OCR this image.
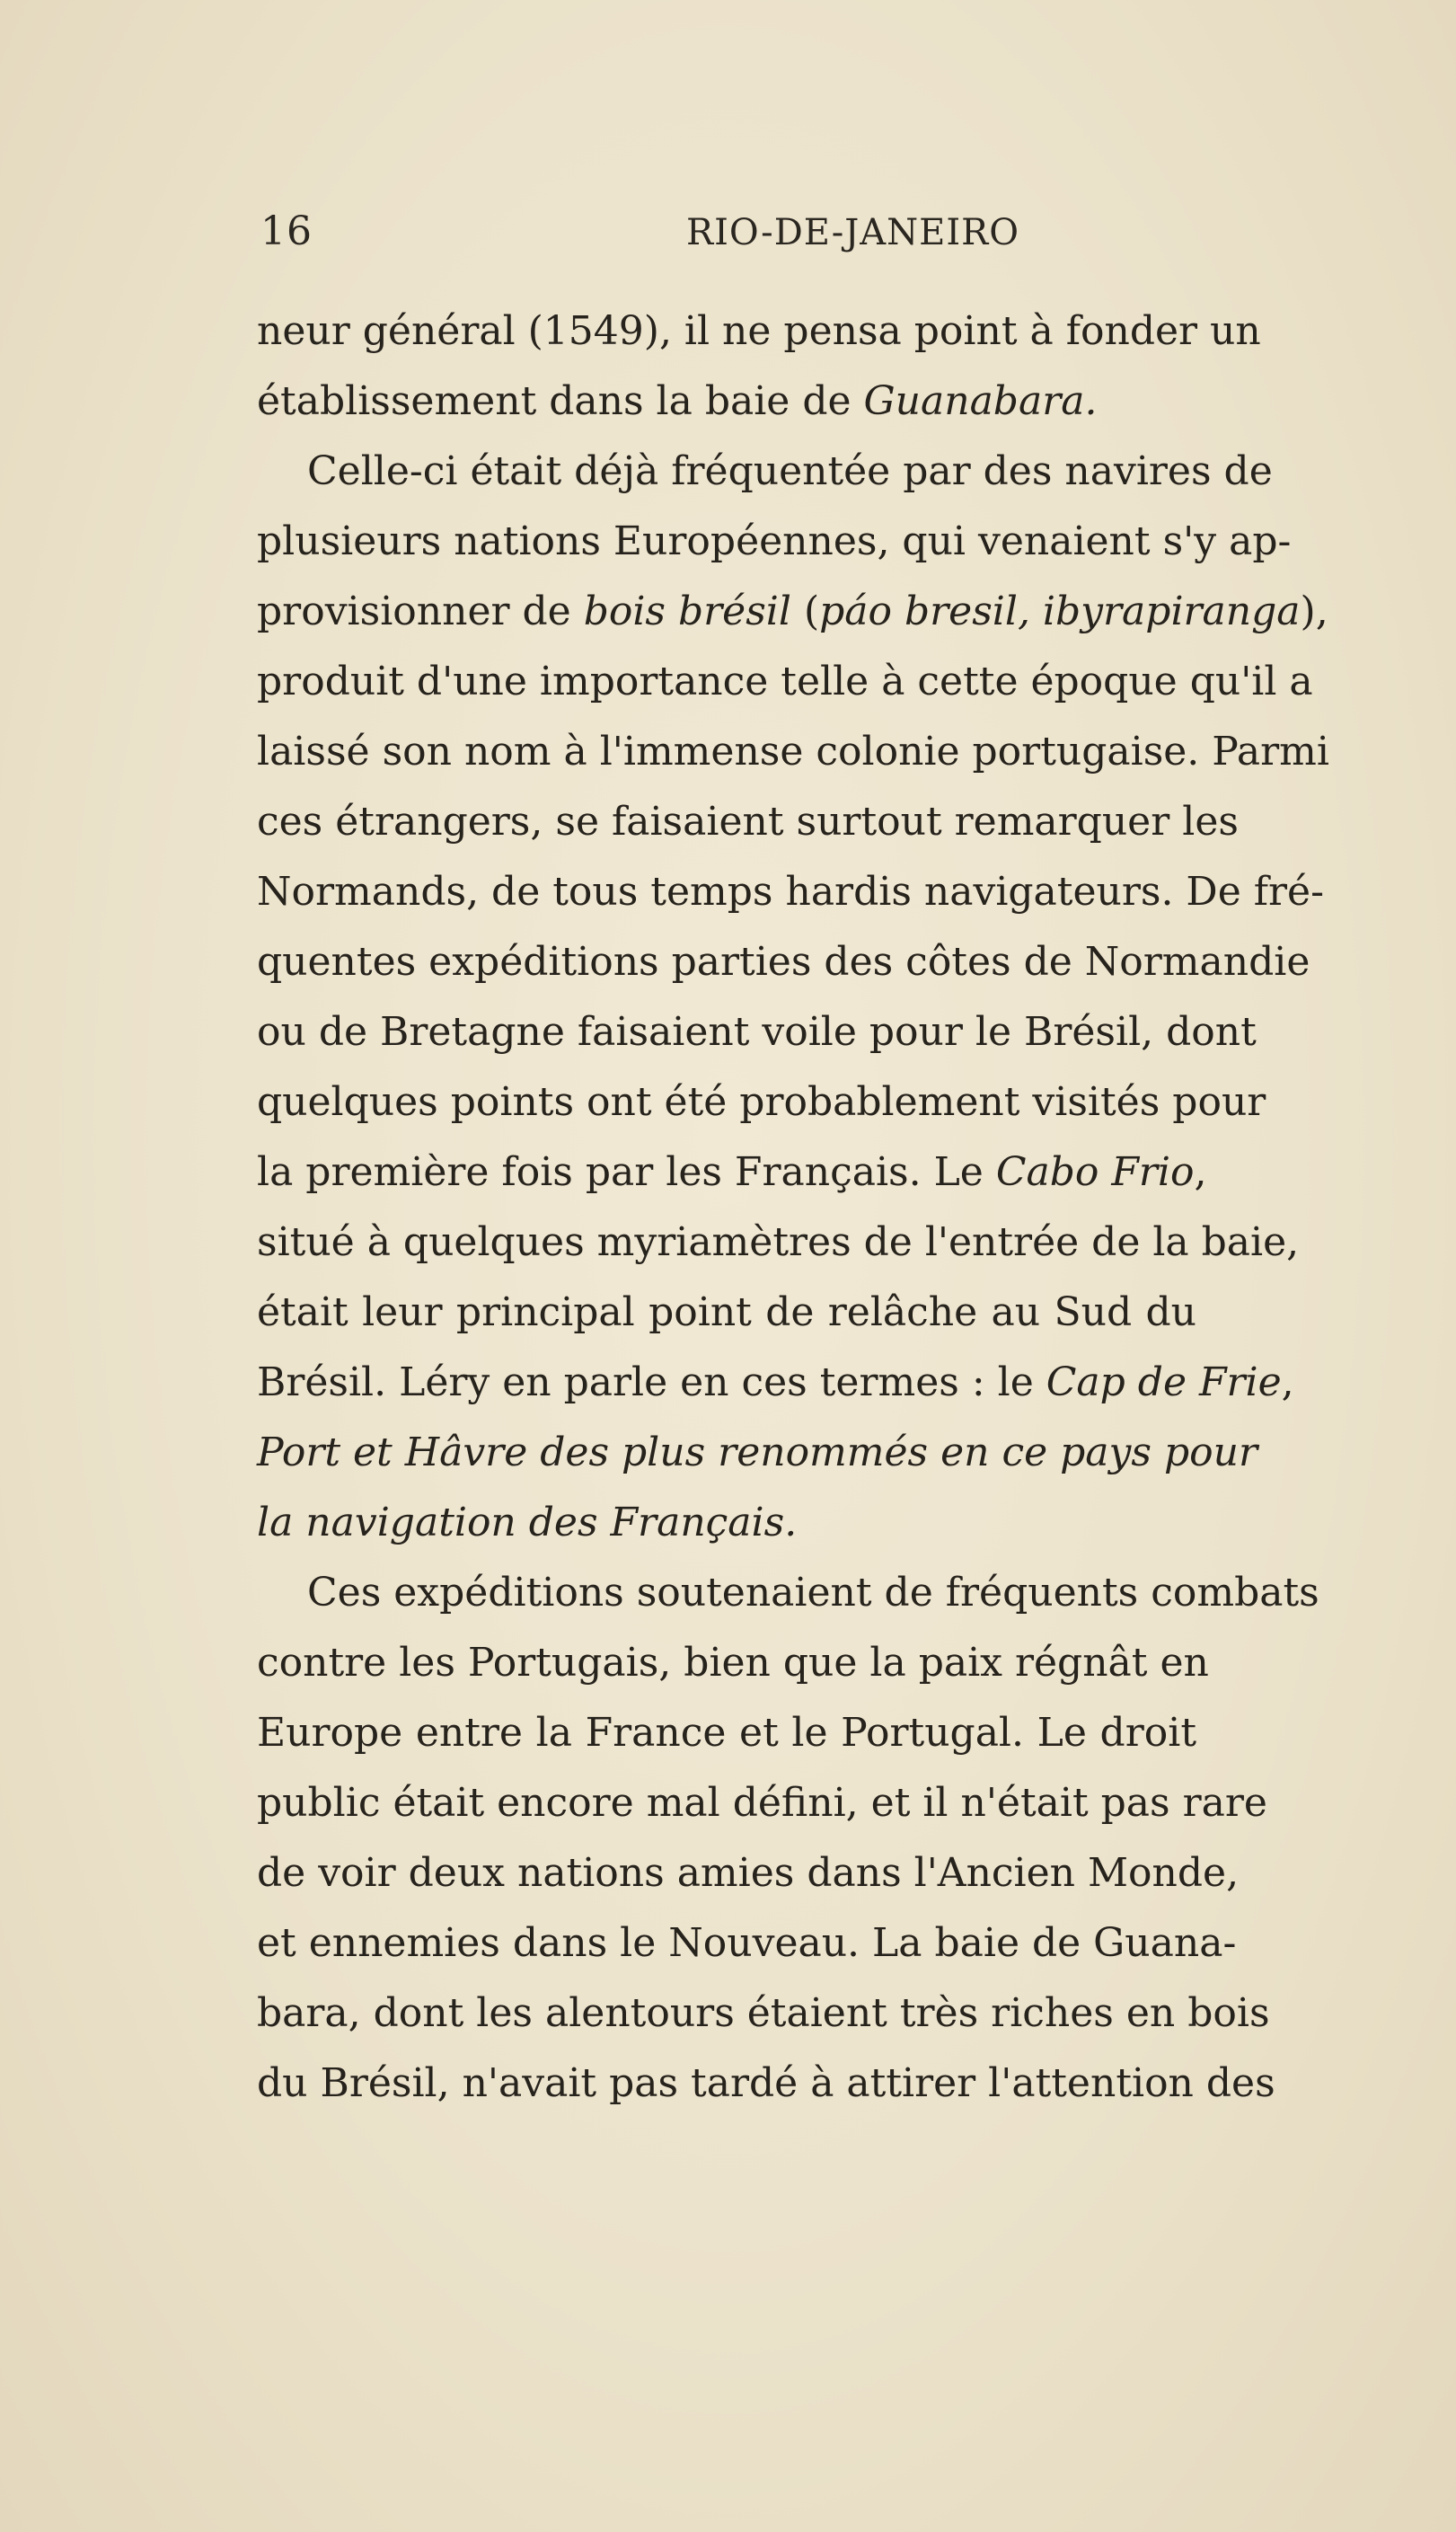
16	RIO-DE-JANEIRO
neur général (1549), il ne pensa point à fonder un
établissement dans la baie de Guanabara.
Celle-ci était déjà fréquentée par des navires de
plusieurs nations Européennes, qui venaient s'y ap-
provisionner de bois brésil (páo bresil, ibyrapiranga),
produit d'une importance telle à cette époque qu'il a
laissé son nom à l'immense colonie portugaise. Parmi
ces étrangers, se faisaient surtout remarquer les
Normands, de tous temps hardis navigateurs. De fré-
quentes expéditions parties des côtes de Normandie
ou de Bretagne faisaient voile pour le Brésil, dont
quelques points ont été probablement visités pour
la première fois par les Français. Le Cabo Frio,
situé à quelques myriamètres de l'entrée de la baie,
était leur principal point de relâche au Sud du
Brésil. Léry en parle en ces termes : le Cap de Frie,
Port et Hâvre des plus renommés en ce pays pour
la navigation des Français.
Ces expéditions soutenaient de fréquents combats
contre les Portugais, bien que la paix régnât en
Europe entre la France et le Portugal. Le droit
public était encore mal défini, et il n'était pas rare
de voir deux nations amies dans l'Ancien Monde,
et ennemies dans le Nouveau. La baie de Guana-
bara, dont les alentours étaient très riches en bois
du Brésil, n'avait pas tardé à attirer l'attention des
